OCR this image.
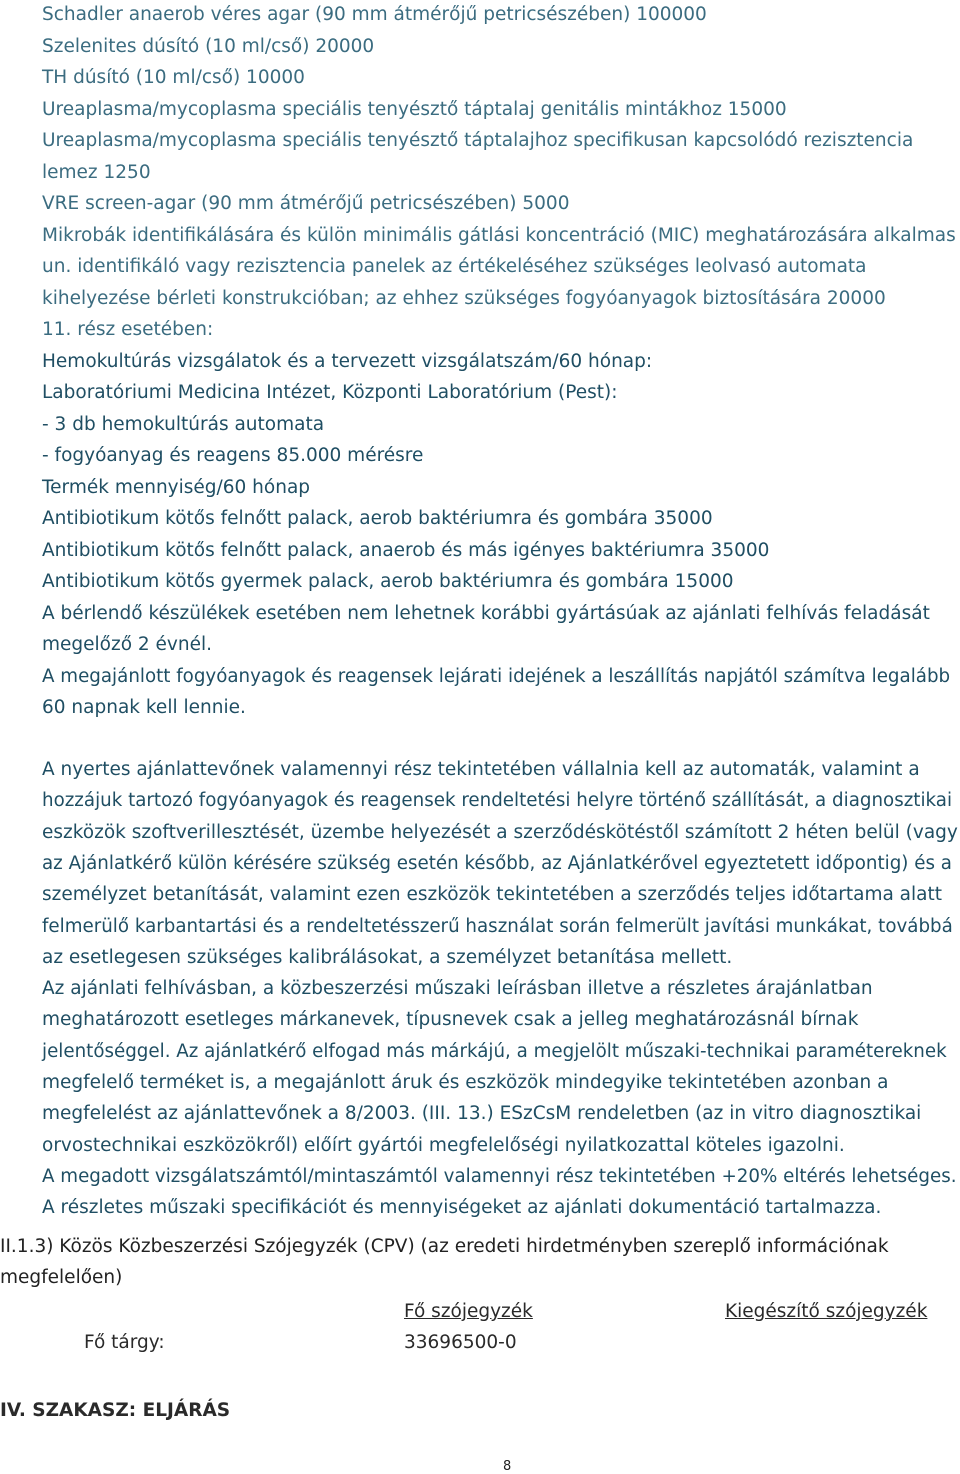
Schadler anaerob véres agar (90 mm átmérőjű petricsészében) 100000
Szelenites dúsító (10 ml/cső) 20000
TH dúsító (10 ml/cső) 10000
Ureaplasma/mycoplasma speciális tenyésztő táptalaj genitális mintákhoz 15000
Ureaplasma/mycoplasma speciális tenyésztő táptalajhoz specifikusan kapcsolódó rezisztencia
lemez 1250
VRE screen-agar (90 mm átmérőjű petricsészében) 5000
Mikrobák identifikálására és külön minimális gátlási koncentráció (MIC) meghatározására alkalmas
un. identifikáló vagy rezisztencia panelek az értékeléséhez szükséges leolvasó automata
kihelyezése bérleti konstrukcióban; az ehhez szükséges fogyóanyagok biztosítására 20000
11. rész esetében:
Hemokultúrás vizsgálatok és a tervezett vizsgálatszám/60 hónap:
Laboratóriumi Medicina Intézet, Központi Laboratórium (Pest):
- 3 db hemokultúrás automata
- fogyóanyag és reagens 85.000 mérésre
Termék mennyiség/60 hónap
Antibiotikum kötős felnőtt palack, aerob baktériumra és gombára 35000
Antibiotikum kötős felnőtt palack, anaerob és más igényes baktériumra 35000
Antibiotikum kötős gyermek palack, aerob baktériumra és gombára 15000
A bérlendő készülékek esetében nem lehetnek korábbi gyártásúak az ajánlati felhívás feladását
megelőző 2 évnél.
A megajánlott fogyóanyagok és reagensek lejárati idejének a leszállítás napjától számítva legalább
60 napnak kell lennie.
A nyertes ajánlattevőnek valamennyi rész tekintetében vállalnia kell az automaták, valamint a
hozzájuk tartozó fogyóanyagok és reagensek rendeltetési helyre történő szállítását, a diagnosztikai
eszközök szoftverillesztését, üzembe helyezését a szerződéskötéstől számított 2 héten belül (vagy
az Ajánlatkérő külön kérésére szükség esetén később, az Ajánlatkérővel egyeztetett időpontig) és a
személyzet betanítását, valamint ezen eszközök tekintetében a szerződés teljes időtartama alatt
felmerülő karbantartási és a rendeltetésszerű használat során felmerült javítási munkákat, továbbá
az esetlegesen szükséges kalibrálásokat, a személyzet betanítása mellett.
Az ajánlati felhívásban, a közbeszerzési műszaki leírásban illetve a részletes árajánlatban
meghatározott esetleges márkanevek, típusnevek csak a jelleg meghatározásnál bírnak
jelentőséggel. Az ajánlatkérő elfogad más márkájú, a megjelölt műszaki-technikai paramétereknek
megfelelő terméket is, a megajánlott áruk és eszközök mindegyike tekintetében azonban a
megfelelést az ajánlattevőnek a 8/2003. (III. 13.) ESzCsM rendeletben (az in vitro diagnosztikai
orvostechnikai eszközökről) előírt gyártói megfelelőségi nyilatkozattal köteles igazolni.
A megadott vizsgálatszámtól/mintaszámtól valamennyi rész tekintetében +20% eltérés lehetséges.
A részletes műszaki specifikációt és mennyiségeket az ajánlati dokumentáció tartalmazza.
II.1.3) Közös Közbeszerzési Szójegyzék (CPV) (az eredeti hirdetményben szereplő információnak
megfelelően)
Fő szójegyzék	Kiegészítő szójegyzék
Fő tárgy:	33696500-0
IV. SZAKASZ: ELJÁRÁS
8
